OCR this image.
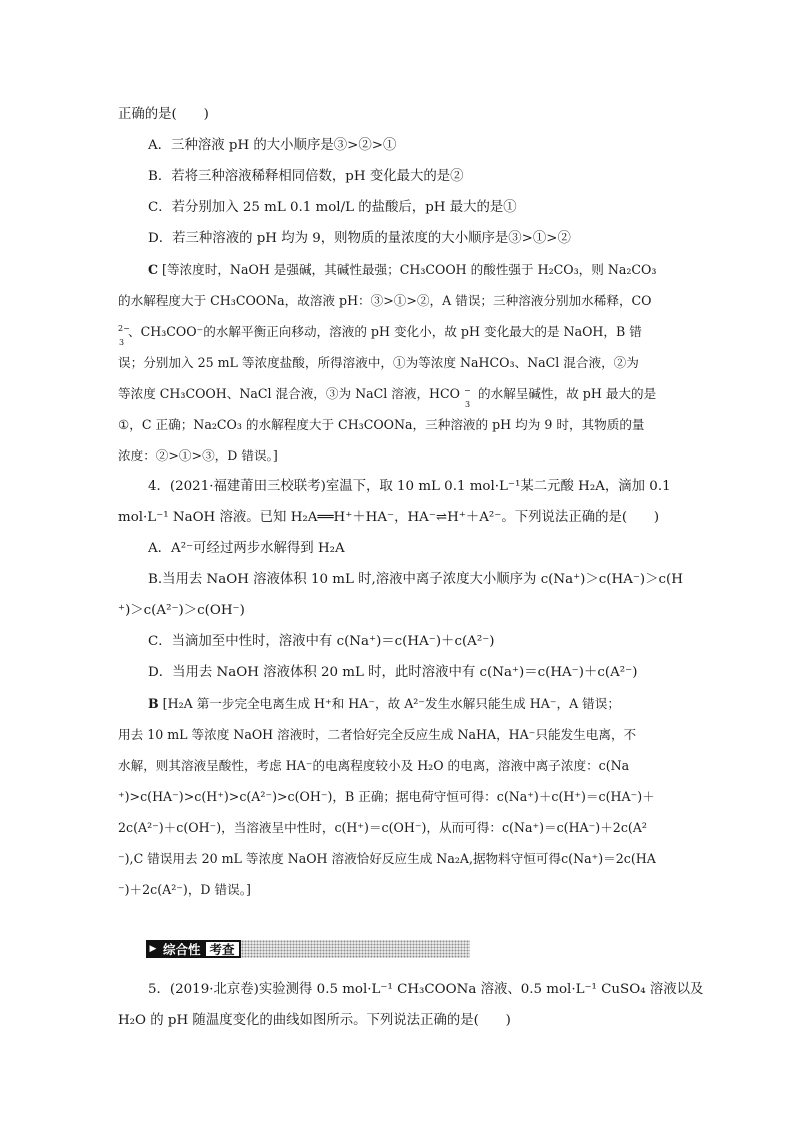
正确的是(　　)
A．三种溶液 pH 的大小顺序是③>②>①
B．若将三种溶液稀释相同倍数，pH 变化最大的是②
C．若分别加入 25 mL 0.1 mol/L 的盐酸后，pH 最大的是①
D．若三种溶液的 pH 均为 9，则物质的量浓度的大小顺序是③>①>②
C [等浓度时，NaOH 是强碱，其碱性最强；CH₃COOH 的酸性强于 H₂CO₃，则 Na₂CO₃
的水解程度大于 CH₃COONa，故溶液 pH：③>①>②，A 错误；三种溶液分别加水稀释，CO
2−
3
、CH₃COO⁻的水解平衡正向移动，溶液的 pH 变化小，故 pH 变化最大的是 NaOH，B 错
误；分别加入 25 mL 等浓度盐酸，所得溶液中，①为等浓度 NaHCO₃、NaCl 混合液，②为
等浓度 CH₃COOH、NaCl 混合液，③为 NaCl 溶液，HCO −
3
的水解呈碱性，故 pH 最大的是
①，C 正确；Na₂CO₃ 的水解程度大于 CH₃COONa，三种溶液的 pH 均为 9 时，其物质的量
浓度：②>①>③，D 错误。]
4．(2021·福建莆田三校联考)室温下，取 10 mL 0.1 mol·L⁻¹某二元酸 H₂A，滴加 0.1
mol·L⁻¹ NaOH 溶液。已知 H₂A══H⁺＋HA⁻，HA⁻⇌H⁺＋A²⁻。下列说法正确的是(　　)
A．A²⁻可经过两步水解得到 H₂A
B.当用去 NaOH 溶液体积 10 mL 时,溶液中离子浓度大小顺序为 c(Na⁺)＞c(HA⁻)＞c(H
⁺)＞c(A²⁻)＞c(OH⁻)
C．当滴加至中性时，溶液中有 c(Na⁺)＝c(HA⁻)＋c(A²⁻)
D．当用去 NaOH 溶液体积 20 mL 时，此时溶液中有 c(Na⁺)＝c(HA⁻)＋c(A²⁻)
B [H₂A 第一步完全电离生成 H⁺和 HA⁻，故 A²⁻发生水解只能生成 HA⁻，A 错误；
用去 10 mL 等浓度 NaOH 溶液时，二者恰好完全反应生成 NaHA，HA⁻只能发生电离，不
水解，则其溶液呈酸性，考虑 HA⁻的电离程度较小及 H₂O 的电离，溶液中离子浓度：c(Na
⁺)>c(HA⁻)>c(H⁺)>c(A²⁻)>c(OH⁻)，B 正确；据电荷守恒可得：c(Na⁺)＋c(H⁺)＝c(HA⁻)＋
2c(A²⁻)＋c(OH⁻)，当溶液呈中性时，c(H⁺)＝c(OH⁻)，从而可得：c(Na⁺)＝c(HA⁻)＋2c(A²
⁻),C 错误用去 20 mL 等浓度 NaOH 溶液恰好反应生成 Na₂A,据物料守恒可得c(Na⁺)＝2c(HA
⁻)＋2c(A²⁻)，D 错误。]
▶ 综合性 考查
5．(2019·北京卷)实验测得 0.5 mol·L⁻¹ CH₃COONa 溶液、0.5 mol·L⁻¹ CuSO₄ 溶液以及
H₂O 的 pH 随温度变化的曲线如图所示。下列说法正确的是(　　)
